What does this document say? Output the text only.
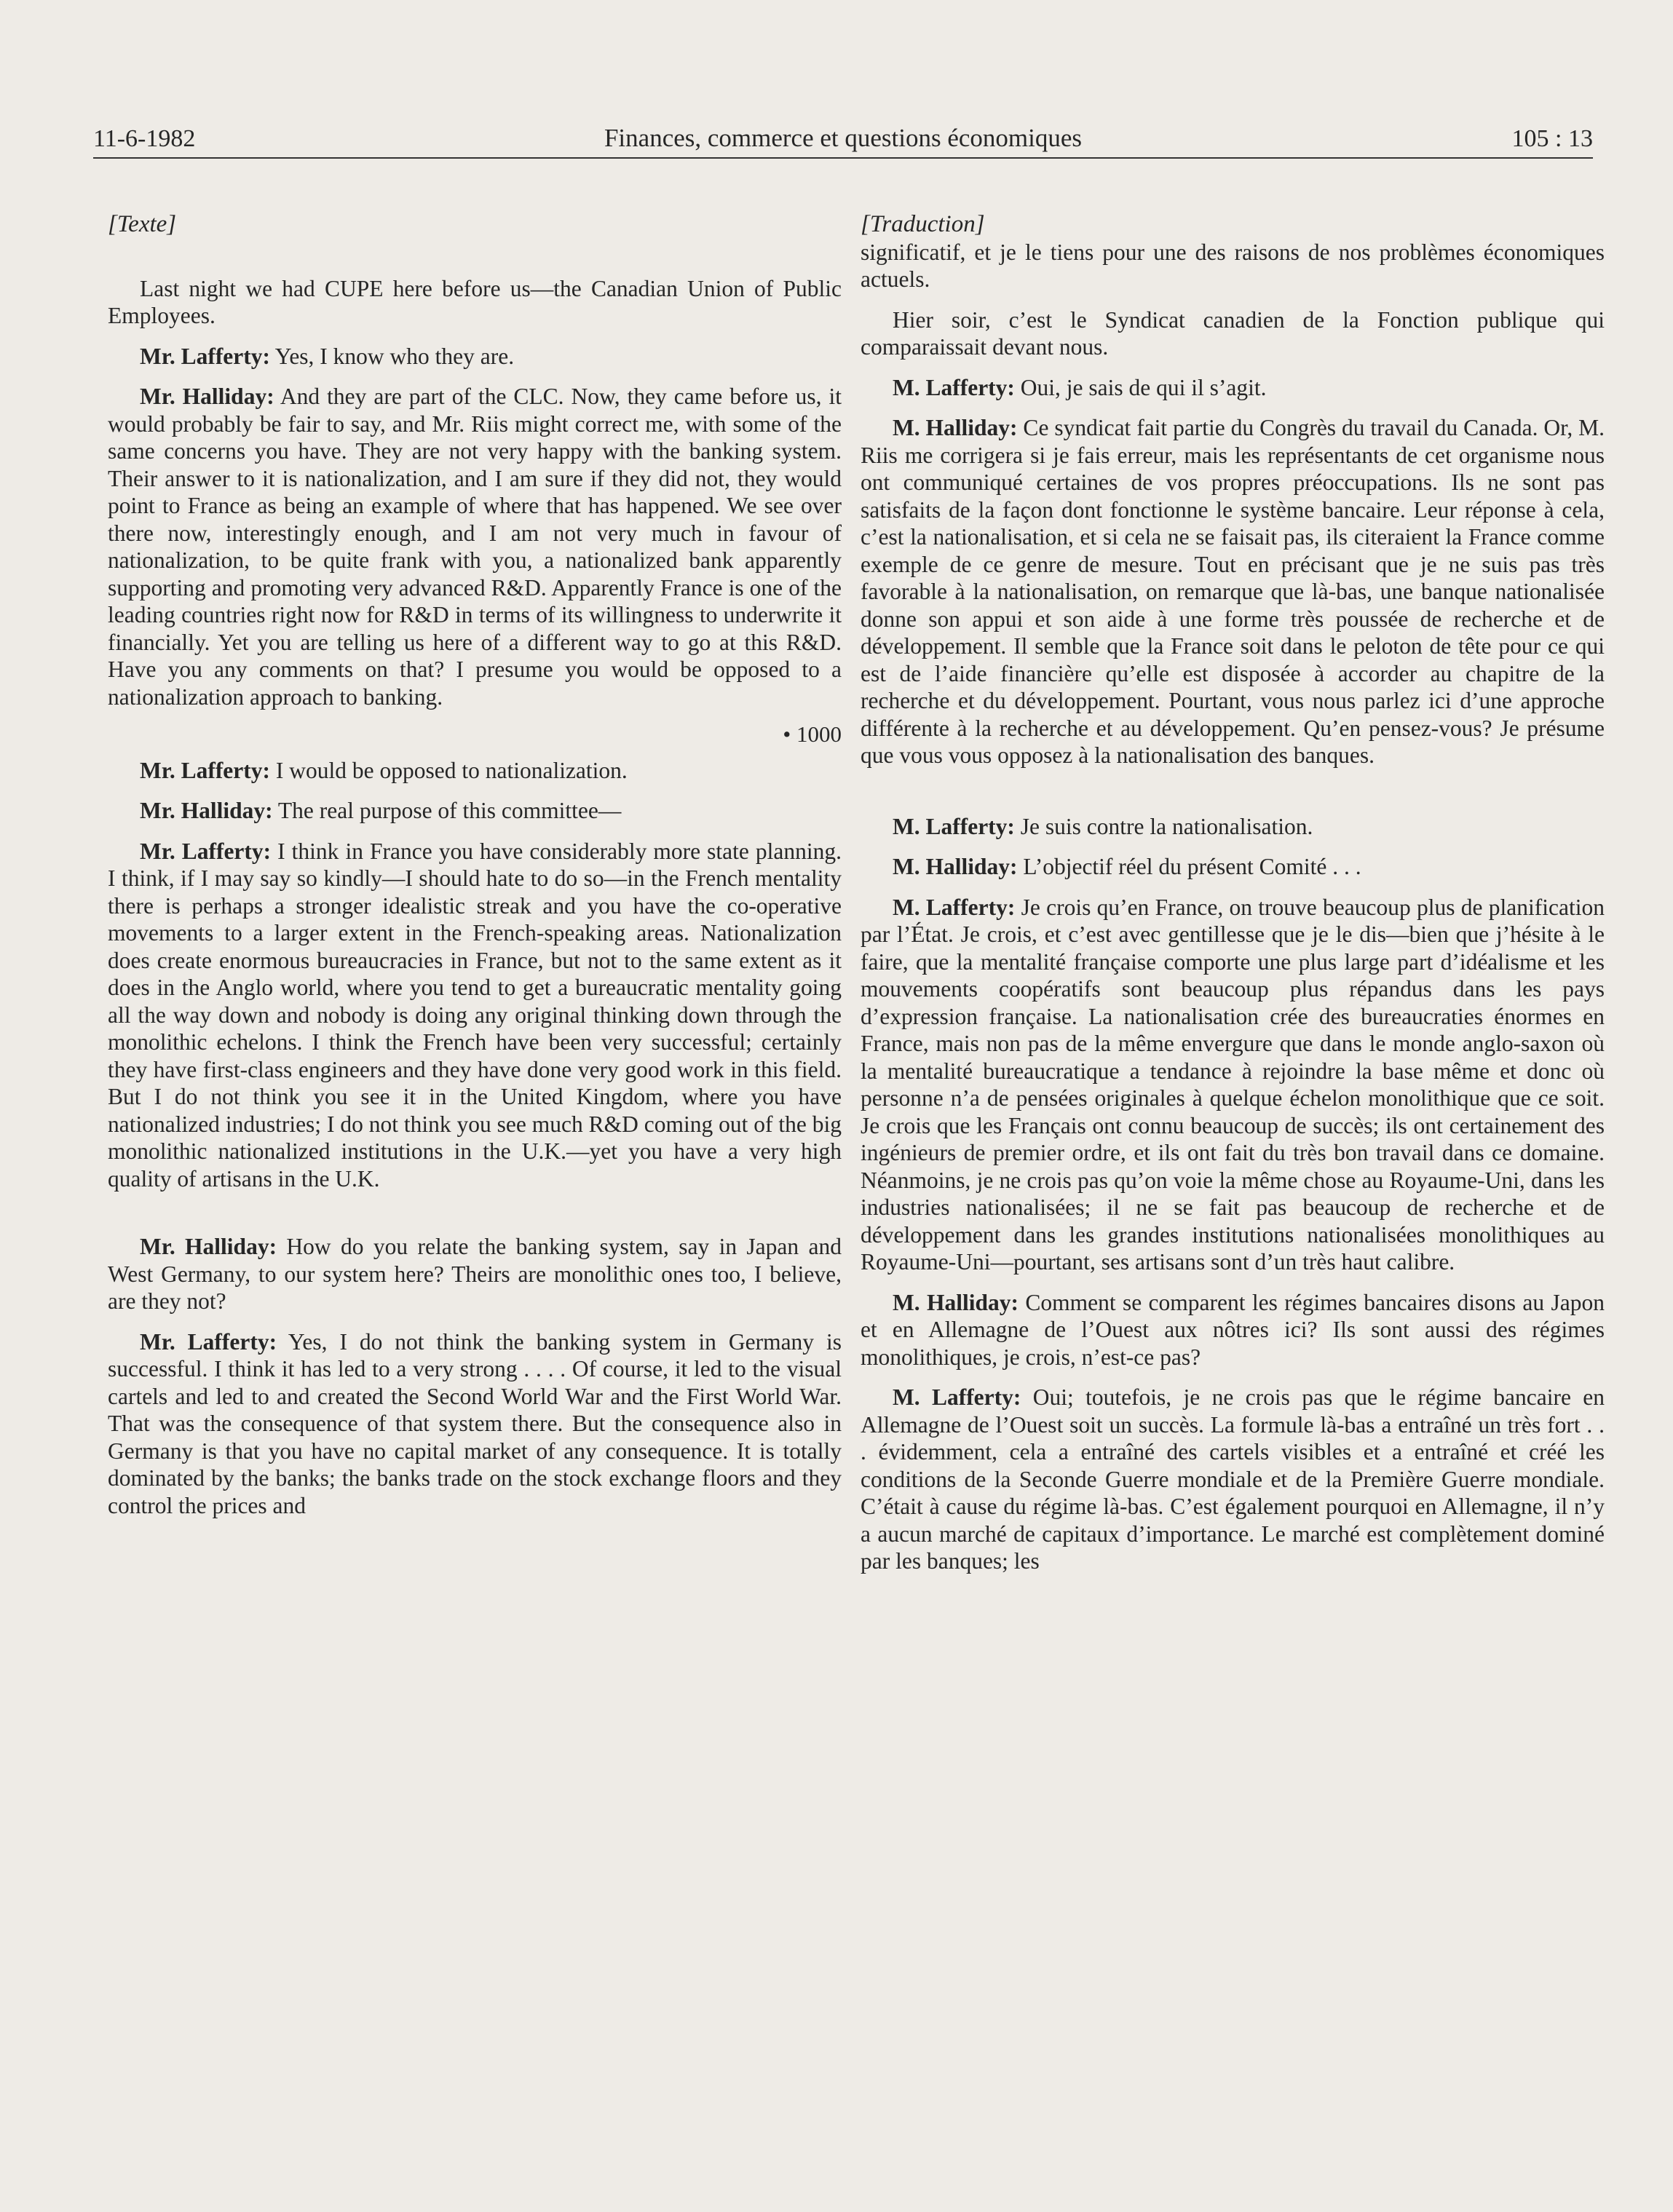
11-6-1982	Finances, commerce et questions économiques	105 : 13
[Texte]

Last night we had CUPE here before us—the Canadian Union of Public Employees.

Mr. Lafferty: Yes, I know who they are.

Mr. Halliday: And they are part of the CLC. Now, they came before us, it would probably be fair to say, and Mr. Riis might correct me, with some of the same concerns you have. They are not very happy with the banking system. Their answer to it is nationalization, and I am sure if they did not, they would point to France as being an example of where that has happened. We see over there now, interestingly enough, and I am not very much in favour of nationalization, to be quite frank with you, a nationalized bank apparently supporting and promoting very advanced R&D. Apparently France is one of the leading countries right now for R&D in terms of its willingness to underwrite it financially. Yet you are telling us here of a different way to go at this R&D. Have you any comments on that? I presume you would be opposed to a nationalization approach to banking.

• 1000

Mr. Lafferty: I would be opposed to nationalization.

Mr. Halliday: The real purpose of this committee—

Mr. Lafferty: I think in France you have considerably more state planning. I think, if I may say so kindly—I should hate to do so—in the French mentality there is perhaps a stronger idealistic streak and you have the co-operative movements to a larger extent in the French-speaking areas. Nationalization does create enormous bureaucracies in France, but not to the same extent as it does in the Anglo world, where you tend to get a bureaucratic mentality going all the way down and nobody is doing any original thinking down through the monolithic echelons. I think the French have been very successful; certainly they have first-class engineers and they have done very good work in this field. But I do not think you see it in the United Kingdom, where you have nationalized industries; I do not think you see much R&D coming out of the big monolithic nationalized institutions in the U.K.—yet you have a very high quality of artisans in the U.K.

Mr. Halliday: How do you relate the banking system, say in Japan and West Germany, to our system here? Theirs are monolithic ones too, I believe, are they not?

Mr. Lafferty: Yes, I do not think the banking system in Germany is successful. I think it has led to a very strong . . . . Of course, it led to the visual cartels and led to and created the Second World War and the First World War. That was the consequence of that system there. But the consequence also in Germany is that you have no capital market of any consequence. It is totally dominated by the banks; the banks trade on the stock exchange floors and they control the prices and

[Traduction]

significatif, et je le tiens pour une des raisons de nos problèmes économiques actuels.

Hier soir, c’est le Syndicat canadien de la Fonction publique qui comparaissait devant nous.

M. Lafferty: Oui, je sais de qui il s’agit.

M. Halliday: Ce syndicat fait partie du Congrès du travail du Canada. Or, M. Riis me corrigera si je fais erreur, mais les représentants de cet organisme nous ont communiqué certaines de vos propres préoccupations. Ils ne sont pas satisfaits de la façon dont fonctionne le système bancaire. Leur réponse à cela, c’est la nationalisation, et si cela ne se faisait pas, ils citeraient la France comme exemple de ce genre de mesure. Tout en précisant que je ne suis pas très favorable à la nationalisation, on remarque que là-bas, une banque nationalisée donne son appui et son aide à une forme très poussée de recherche et de développement. Il semble que la France soit dans le peloton de tête pour ce qui est de l’aide financière qu’elle est disposée à accorder au chapitre de la recherche et du développement. Pourtant, vous nous parlez ici d’une approche différente à la recherche et au développement. Qu’en pensez-vous? Je présume que vous vous opposez à la nationalisation des banques.

M. Lafferty: Je suis contre la nationalisation.

M. Halliday: L’objectif réel du présent Comité . . .

M. Lafferty: Je crois qu’en France, on trouve beaucoup plus de planification par l’État. Je crois, et c’est avec gentillesse que je le dis—bien que j’hésite à le faire, que la mentalité française comporte une plus large part d’idéalisme et les mouvements coopératifs sont beaucoup plus répandus dans les pays d’expression française. La nationalisation crée des bureaucraties énormes en France, mais non pas de la même envergure que dans le monde anglo-saxon où la mentalité bureaucratique a tendance à rejoindre la base même et donc où personne n’a de pensées originales à quelque échelon monolithique que ce soit. Je crois que les Français ont connu beaucoup de succès; ils ont certainement des ingénieurs de premier ordre, et ils ont fait du très bon travail dans ce domaine. Néanmoins, je ne crois pas qu’on voie la même chose au Royaume-Uni, dans les industries nationalisées; il ne se fait pas beaucoup de recherche et de développement dans les grandes institutions nationalisées monolithiques au Royaume-Uni—pourtant, ses artisans sont d’un très haut calibre.

M. Halliday: Comment se comparent les régimes bancaires disons au Japon et en Allemagne de l’Ouest aux nôtres ici? Ils sont aussi des régimes monolithiques, je crois, n’est-ce pas?

M. Lafferty: Oui; toutefois, je ne crois pas que le régime bancaire en Allemagne de l’Ouest soit un succès. La formule là-bas a entraîné un très fort . . . évidemment, cela a entraîné des cartels visibles et a entraîné et créé les conditions de la Seconde Guerre mondiale et de la Première Guerre mondiale. C’était à cause du régime là-bas. C’est également pourquoi en Allemagne, il n’y a aucun marché de capitaux d’importance. Le marché est complètement dominé par les banques; les
